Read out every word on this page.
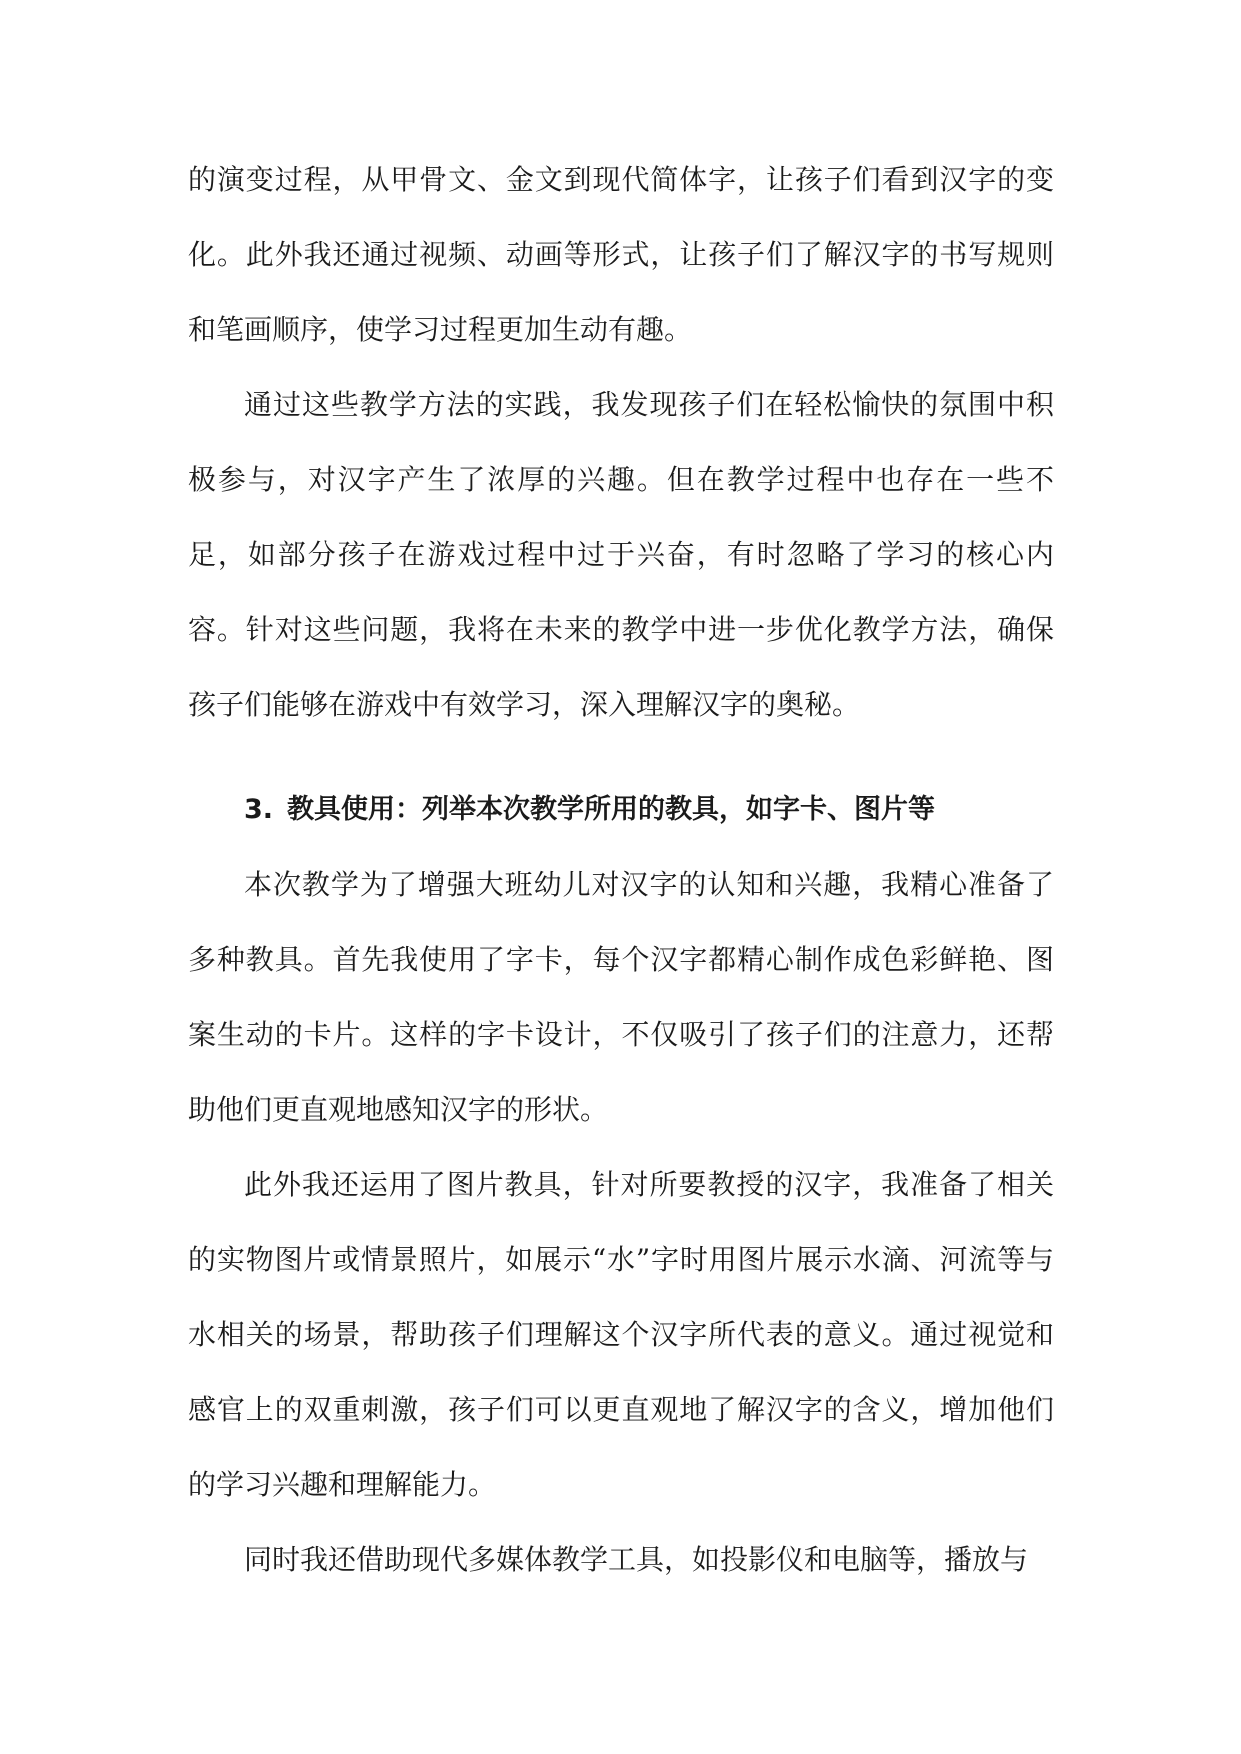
的演变过程，从甲骨文、金文到现代简体字，让孩子们看到汉字的变化。此外我还通过视频、动画等形式，让孩子们了解汉字的书写规则和笔画顺序，使学习过程更加生动有趣。

通过这些教学方法的实践，我发现孩子们在轻松愉快的氛围中积极参与，对汉字产生了浓厚的兴趣。但在教学过程中也存在一些不足，如部分孩子在游戏过程中过于兴奋，有时忽略了学习的核心内容。针对这些问题，我将在未来的教学中进一步优化教学方法，确保孩子们能够在游戏中有效学习，深入理解汉字的奥秘。

3. 教具使用：列举本次教学所用的教具，如字卡、图片等

本次教学为了增强大班幼儿对汉字的认知和兴趣，我精心准备了多种教具。首先我使用了字卡，每个汉字都精心制作成色彩鲜艳、图案生动的卡片。这样的字卡设计，不仅吸引了孩子们的注意力，还帮助他们更直观地感知汉字的形状。

此外我还运用了图片教具，针对所要教授的汉字，我准备了相关的实物图片或情景照片，如展示“水”字时用图片展示水滴、河流等与水相关的场景，帮助孩子们理解这个汉字所代表的意义。通过视觉和感官上的双重刺激，孩子们可以更直观地了解汉字的含义，增加他们的学习兴趣和理解能力。

同时我还借助现代多媒体教学工具，如投影仪和电脑等，播放与
